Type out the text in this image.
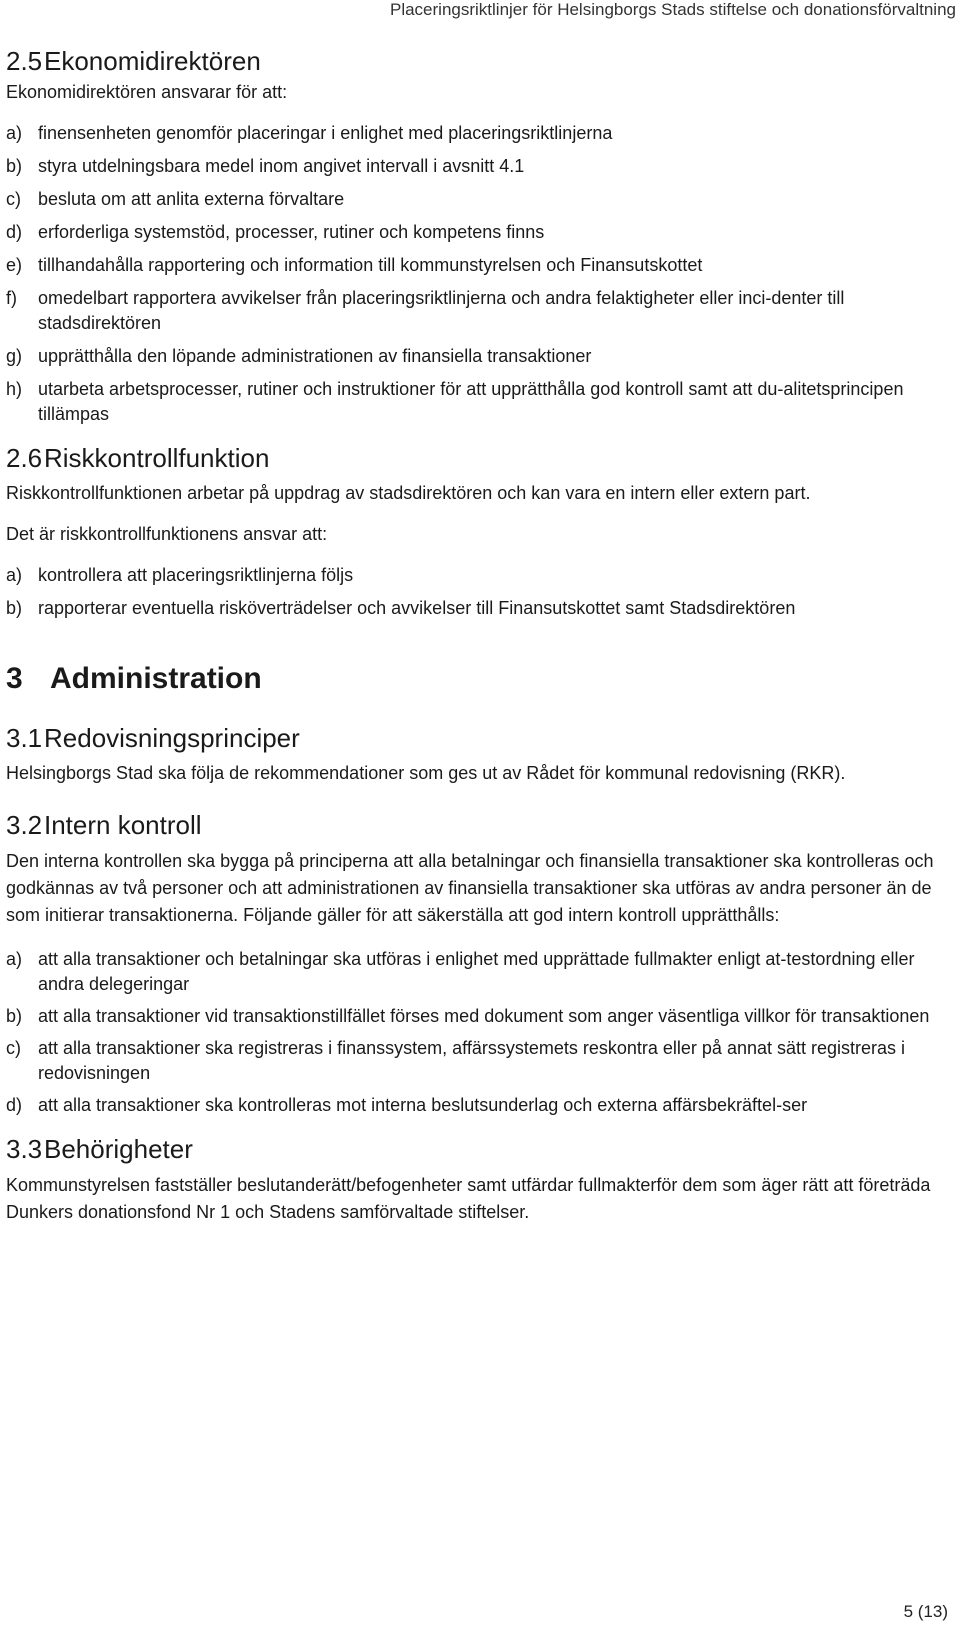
Placeringsriktlinjer för Helsingborgs Stads stiftelse och donationsförvaltning
2.5Ekonomidirektören

Ekonomidirektören ansvarar för att:

a) finensenheten genomför placeringar i enlighet med placeringsriktlinjerna
b) styra utdelningsbara medel inom angivet intervall i avsnitt 4.1
c) besluta om att anlita externa förvaltare
d) erforderliga systemstöd, processer, rutiner och kompetens finns
e) tillhandahålla rapportering och information till kommunstyrelsen och Finansutskottet
f) omedelbart rapportera avvikelser från placeringsriktlinjerna och andra felaktigheter eller inci-denter till stadsdirektören
g) upprätthålla den löpande administrationen av finansiella transaktioner
h) utarbeta arbetsprocesser, rutiner och instruktioner för att upprätthålla god kontroll samt att du-alitetsprincipen tillämpas
2.6Riskkontrollfunktion

Riskkontrollfunktionen arbetar på uppdrag av stadsdirektören och kan vara en intern eller extern part.

Det är riskkontrollfunktionens ansvar att:

a) kontrollera att placeringsriktlinjerna följs
b) rapporterar eventuella risköverträdelser och avvikelser till Finansutskottet samt Stadsdirektören
3 Administration
3.1Redovisningsprinciper

Helsingborgs Stad ska följa de rekommendationer som ges ut av Rådet för kommunal redovisning (RKR).

3.2Intern kontroll

Den interna kontrollen ska bygga på principerna att alla betalningar och finansiella transaktioner ska kontrolleras och godkännas av två personer och att administrationen av finansiella transaktioner ska utföras av andra personer än de som initierar transaktionerna. Följande gäller för att säkerställa att god intern kontroll upprätthålls:

a) att alla transaktioner och betalningar ska utföras i enlighet med upprättade fullmakter enligt at-testordning eller andra delegeringar
b) att alla transaktioner vid transaktionstillfället förses med dokument som anger väsentliga villkor för transaktionen
c) att alla transaktioner ska registreras i finanssystem, affärssystemets reskontra eller på annat sätt registreras i redovisningen
d) att alla transaktioner ska kontrolleras mot interna beslutsunderlag och externa affärsbekräftel-ser
3.3Behörigheter

Kommunstyrelsen fastställer beslutanderätt/befogenheter samt utfärdar fullmakterför dem som äger rätt att företräda Dunkers donationsfond Nr 1 och Stadens samförvaltade stiftelser.

5 (13)
